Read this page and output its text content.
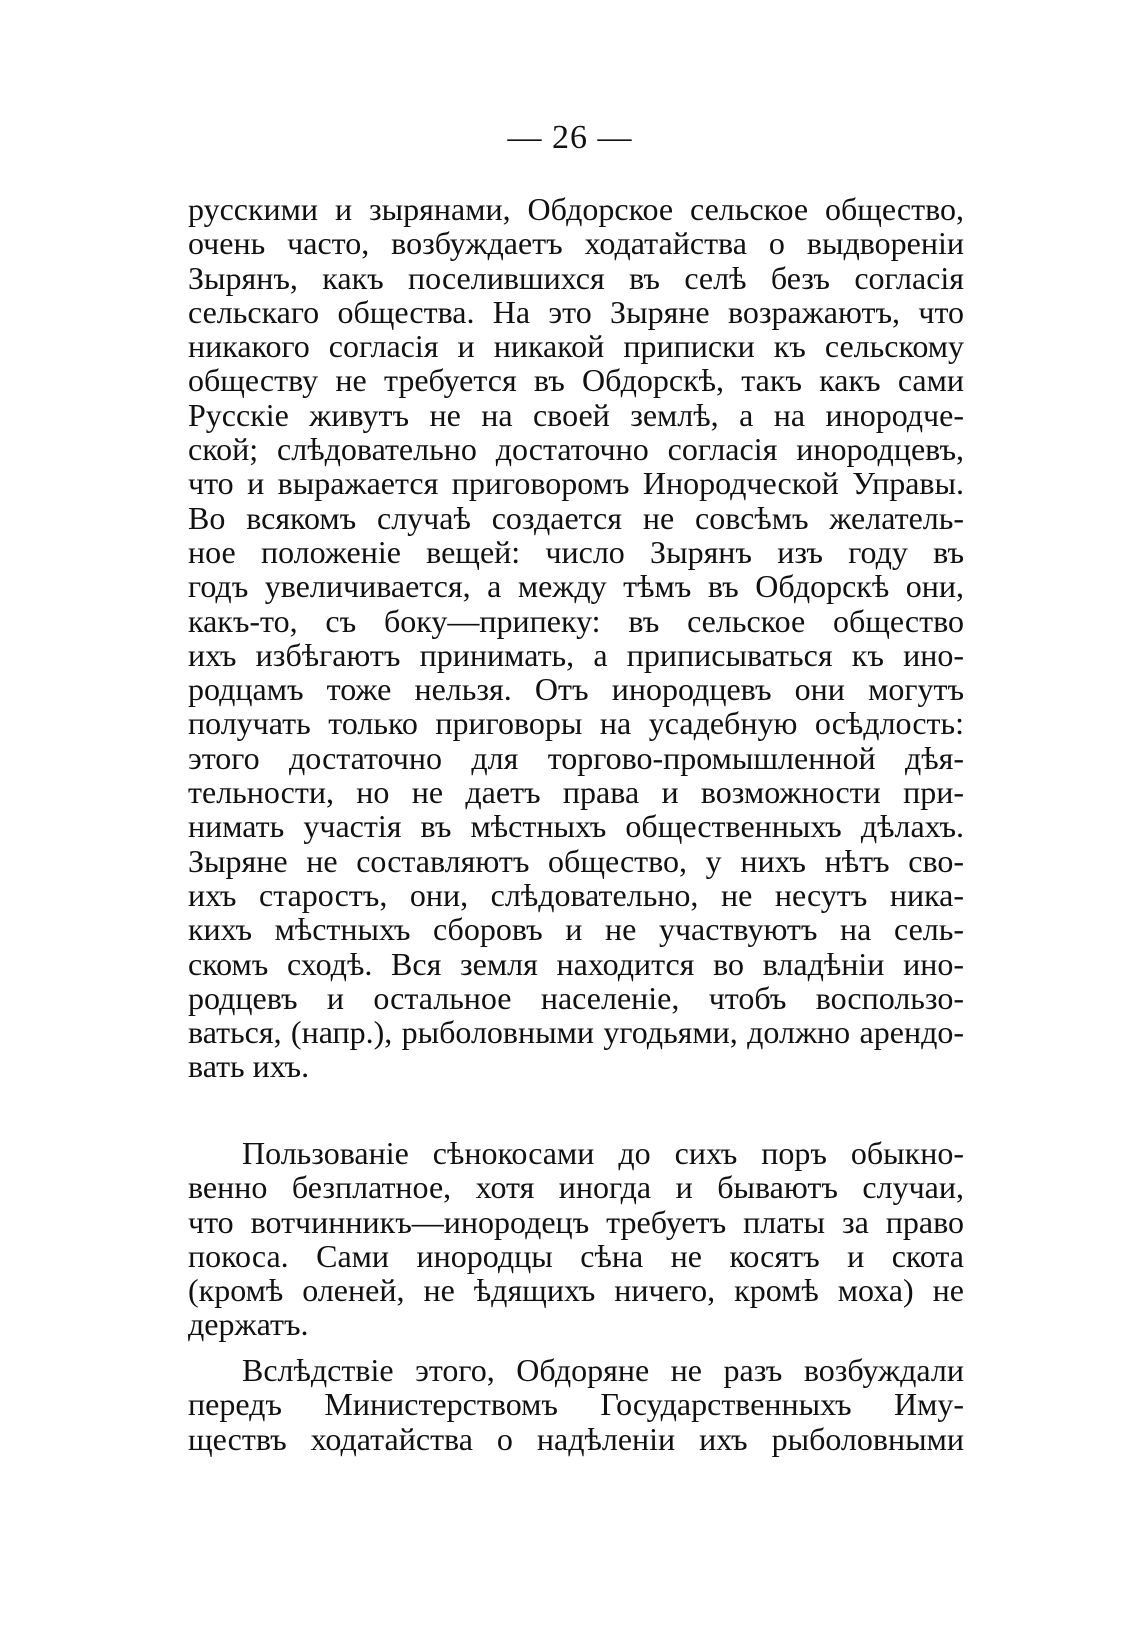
— 26 —
русскими и зырянами, Обдорское сельское общество,
очень часто, возбуждаетъ ходатайства о выдвореніи
Зырянъ, какъ поселившихся въ селѣ безъ согласія
сельскаго общества. На это Зыряне возражаютъ, что
никакого согласія и никакой приписки къ сельскому
обществу не требуется въ Обдорскѣ, такъ какъ сами
Русскіе живутъ не на своей землѣ, а на инородче-
ской; слѣдовательно достаточно согласія инородцевъ,
что и выражается приговоромъ Инородческой Управы.
Во всякомъ случаѣ создается не совсѣмъ желатель-
ное положеніе вещей: число Зырянъ изъ году въ
годъ увеличивается, а между тѣмъ въ Обдорскѣ они,
какъ-то, съ боку—припеку: въ сельское общество
ихъ избѣгаютъ принимать, а приписываться къ ино-
родцамъ тоже нельзя. Отъ инородцевъ они могутъ
получать только приговоры на усадебную осѣдлость:
этого достаточно для торгово-промышленной дѣя-
тельности, но не даетъ права и возможности при-
нимать участія въ мѣстныхъ общественныхъ дѣлахъ.
Зыряне не составляютъ общество, у нихъ нѣтъ сво-
ихъ старостъ, они, слѣдовательно, не несутъ ника-
кихъ мѣстныхъ сборовъ и не участвуютъ на сель-
скомъ сходѣ. Вся земля находится во владѣніи ино-
родцевъ и остальное населеніе, чтобъ воспользо-
ваться, (напр.), рыболовными угодьями, должно арендо-
вать ихъ.
Пользованіе сѣнокосами до сихъ поръ обыкно-
венно безплатное, хотя иногда и бываютъ случаи,
что вотчинникъ—инородецъ требуетъ платы за право
покоса. Сами инородцы сѣна не косятъ и скота
(кромѣ оленей, не ѣдящихъ ничего, кромѣ моха) не
держатъ.
Вслѣдствіе этого, Обдоряне не разъ возбуждали
передъ Министерствомъ Государственныхъ Иму-
ществъ ходатайства о надѣленіи ихъ рыболовными
